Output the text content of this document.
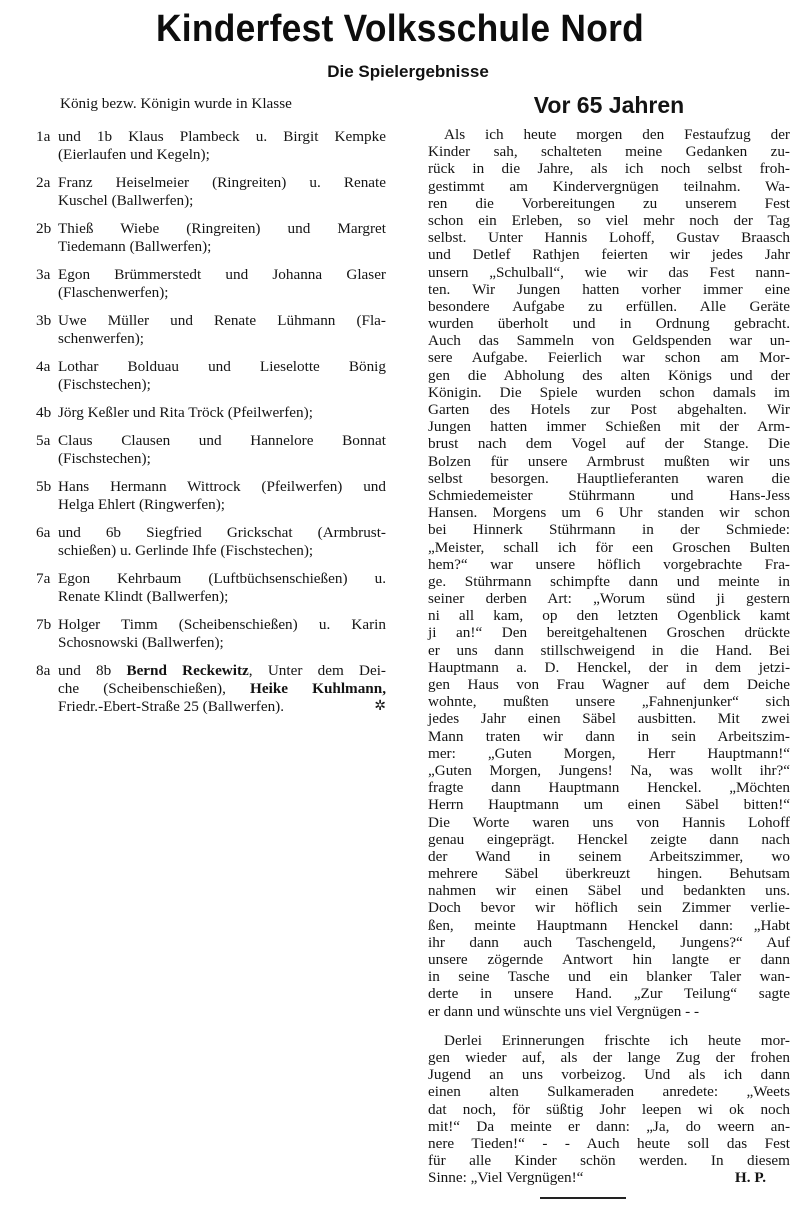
Kinderfest Volksschule Nord
Die Spielergebnisse
König bezw. Königin wurde in Klasse
1a und 1b Klaus Plambeck u. Birgit Kempke
(Eierlaufen und Kegeln);
2a Franz Heiselmeier (Ringreiten) u. Renate
Kuschel (Ballwerfen);
2b Thieß Wiebe (Ringreiten) und Margret
Tiedemann (Ballwerfen);
3a Egon Brümmerstedt und Johanna Glaser
(Flaschenwerfen);
3b Uwe Müller und Renate Lühmann (Fla-
schenwerfen);
4a Lothar Bolduau und Lieselotte Bönig
(Fischstechen);
4b Jörg Keßler und Rita Tröck (Pfeilwerfen);
5a Claus Clausen und Hannelore Bonnat
(Fischstechen);
5b Hans Hermann Wittrock (Pfeilwerfen) und
Helga Ehlert (Ringwerfen);
6a und 6b Siegfried Grickschat (Armbrust-
schießen) u. Gerlinde Ihfe (Fischstechen);
7a Egon Kehrbaum (Luftbüchsenschießen) u.
Renate Klindt (Ballwerfen);
7b Holger Timm (Scheibenschießen) u. Karin
Schosnowski (Ballwerfen);
8a und 8b Bernd Reckewitz, Unter dem Dei-
che (Scheibenschießen), Heike Kuhlmann,
Friedr.-Ebert-Straße 25 (Ballwerfen).	✲
Vor 65 Jahren
Als ich heute morgen den Festaufzug der
Kinder sah, schalteten meine Gedanken zu-
rück in die Jahre, als ich noch selbst froh-
gestimmt am Kindervergnügen teilnahm. Wa-
ren die Vorbereitungen zu unserem Fest
schon ein Erleben, so viel mehr noch der Tag
selbst. Unter Hannis Lohoff, Gustav Braasch
und Detlef Rathjen feierten wir jedes Jahr
unsern „Schulball“, wie wir das Fest nann-
ten. Wir Jungen hatten vorher immer eine
besondere Aufgabe zu erfüllen. Alle Geräte
wurden überholt und in Ordnung gebracht.
Auch das Sammeln von Geldspenden war un-
sere Aufgabe. Feierlich war schon am Mor-
gen die Abholung des alten Königs und der
Königin. Die Spiele wurden schon damals im
Garten des Hotels zur Post abgehalten. Wir
Jungen hatten immer Schießen mit der Arm-
brust nach dem Vogel auf der Stange. Die
Bolzen für unsere Armbrust mußten wir uns
selbst besorgen. Hauptlieferanten waren die
Schmiedemeister Stührmann und Hans-Jess
Hansen. Morgens um 6 Uhr standen wir schon
bei Hinnerk Stührmann in der Schmiede:
„Meister, schall ich för een Groschen Bulten
hem?“ war unsere höflich vorgebrachte Fra-
ge. Stührmann schimpfte dann und meinte in
seiner derben Art: „Worum sünd ji gestern
ni all kam, op den letzten Ogenblick kamt
ji an!“ Den bereitgehaltenen Groschen drückte
er uns dann stillschweigend in die Hand. Bei
Hauptmann a. D. Henckel, der in dem jetzi-
gen Haus von Frau Wagner auf dem Deiche
wohnte, mußten unsere „Fahnenjunker“ sich
jedes Jahr einen Säbel ausbitten. Mit zwei
Mann traten wir dann in sein Arbeitszim-
mer: „Guten Morgen, Herr Hauptmann!“
„Guten Morgen, Jungens! Na, was wollt ihr?“
fragte dann Hauptmann Henckel. „Möchten
Herrn Hauptmann um einen Säbel bitten!“
Die Worte waren uns von Hannis Lohoff
genau eingeprägt. Henckel zeigte dann nach
der Wand in seinem Arbeitszimmer, wo
mehrere Säbel überkreuzt hingen. Behutsam
nahmen wir einen Säbel und bedankten uns.
Doch bevor wir höflich sein Zimmer verlie-
ßen, meinte Hauptmann Henckel dann: „Habt
ihr dann auch Taschengeld, Jungens?“ Auf
unsere zögernde Antwort hin langte er dann
in seine Tasche und ein blanker Taler wan-
derte in unsere Hand. „Zur Teilung“ sagte
er dann und wünschte uns viel Vergnügen - -
Derlei Erinnerungen frischte ich heute mor-
gen wieder auf, als der lange Zug der frohen
Jugend an uns vorbeizog. Und als ich dann
einen alten Sulkameraden anredete: „Weets
dat noch, för süßtig Johr leepen wi ok noch
mit!“ Da meinte er dann: „Ja, do weern an-
nere Tieden!“ - - Auch heute soll das Fest
für alle Kinder schön werden. In diesem
Sinne: „Viel Vergnügen!“	H. P.
